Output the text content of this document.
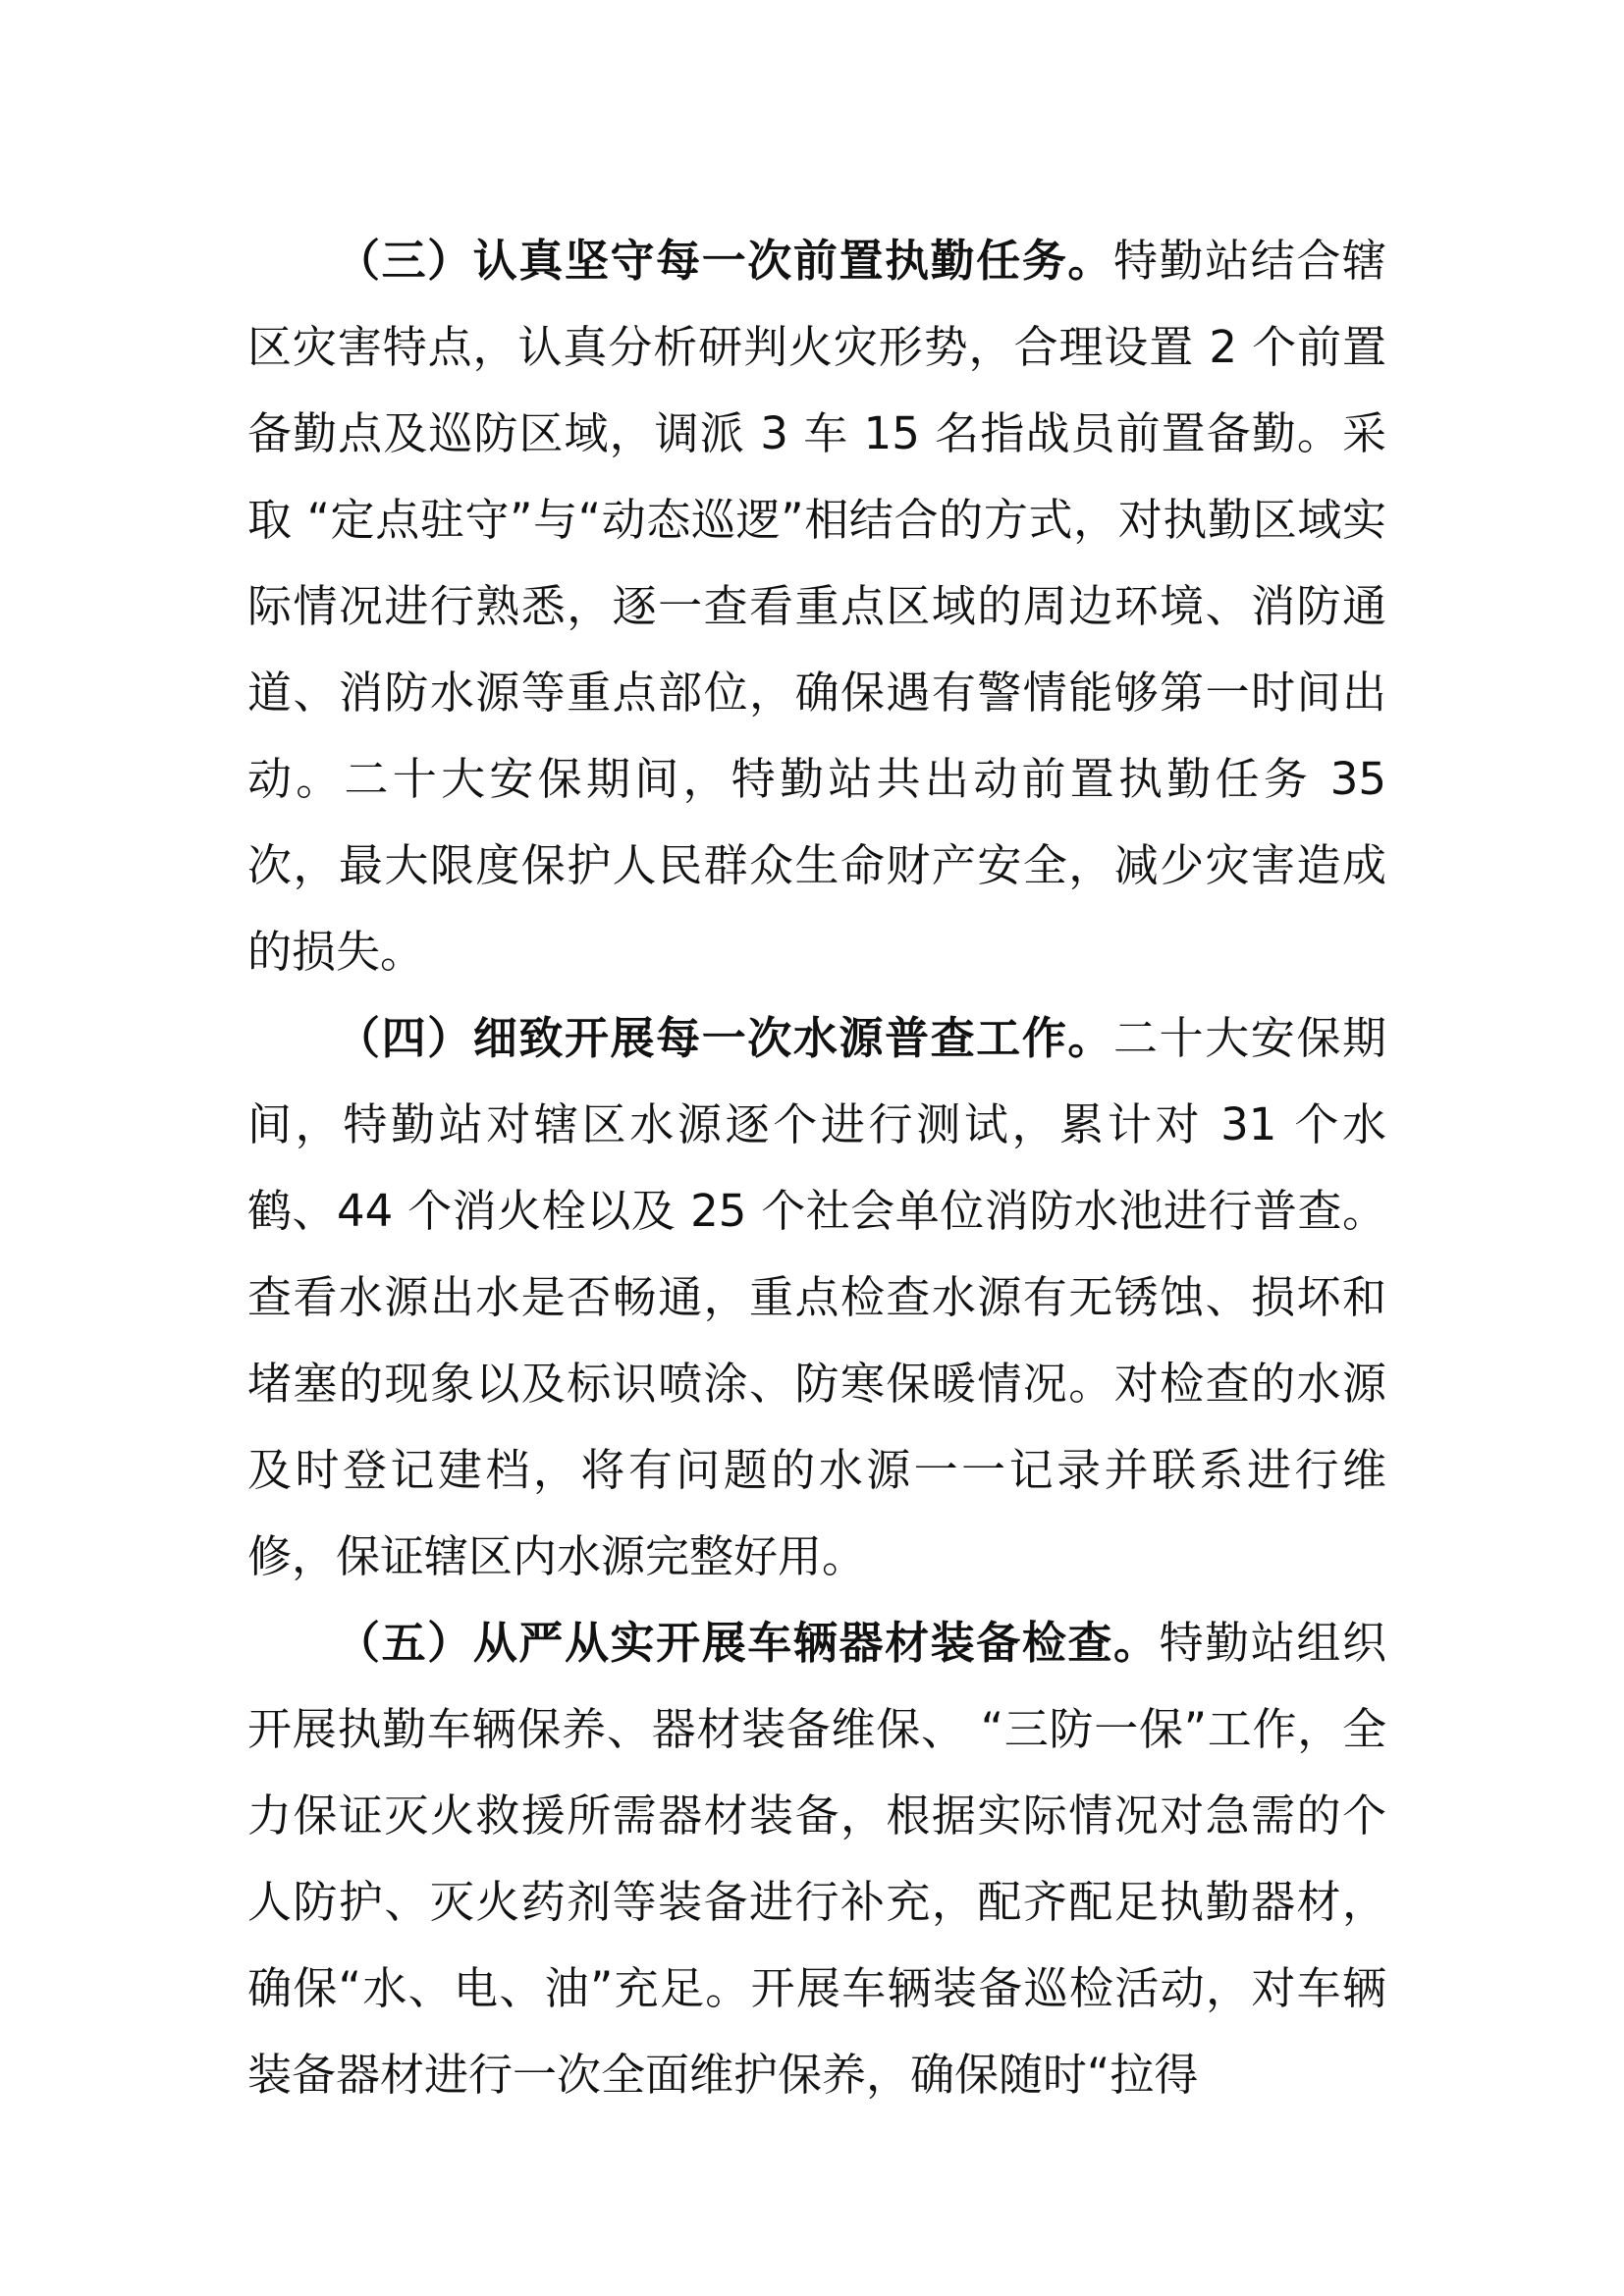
（三）认真坚守每一次前置执勤任务。特勤站结合辖区灾害特点，认真分析研判火灾形势，合理设置 2 个前置备勤点及巡防区域，调派 3 车 15 名指战员前置备勤。采取 “定点驻守”与“动态巡逻”相结合的方式，对执勤区域实际情况进行熟悉，逐一查看重点区域的周边环境、消防通道、消防水源等重点部位，确保遇有警情能够第一时间出动。二十大安保期间，特勤站共出动前置执勤任务 35 次，最大限度保护人民群众生命财产安全，减少灾害造成的损失。

（四）细致开展每一次水源普查工作。二十大安保期间，特勤站对辖区水源逐个进行测试，累计对 31 个水鹤、44 个消火栓以及 25 个社会单位消防水池进行普查。查看水源出水是否畅通，重点检查水源有无锈蚀、损坏和堵塞的现象以及标识喷涂、防寒保暖情况。对检查的水源及时登记建档，将有问题的水源一一记录并联系进行维修，保证辖区内水源完整好用。

（五）从严从实开展车辆器材装备检查。特勤站组织开展执勤车辆保养、器材装备维保、 “三防一保”工作，全力保证灭火救援所需器材装备，根据实际情况对急需的个人防护、灭火药剂等装备进行补充，配齐配足执勤器材，确保“水、电、油”充足。开展车辆装备巡检活动，对车辆装备器材进行一次全面维护保养，确保随时“拉得
